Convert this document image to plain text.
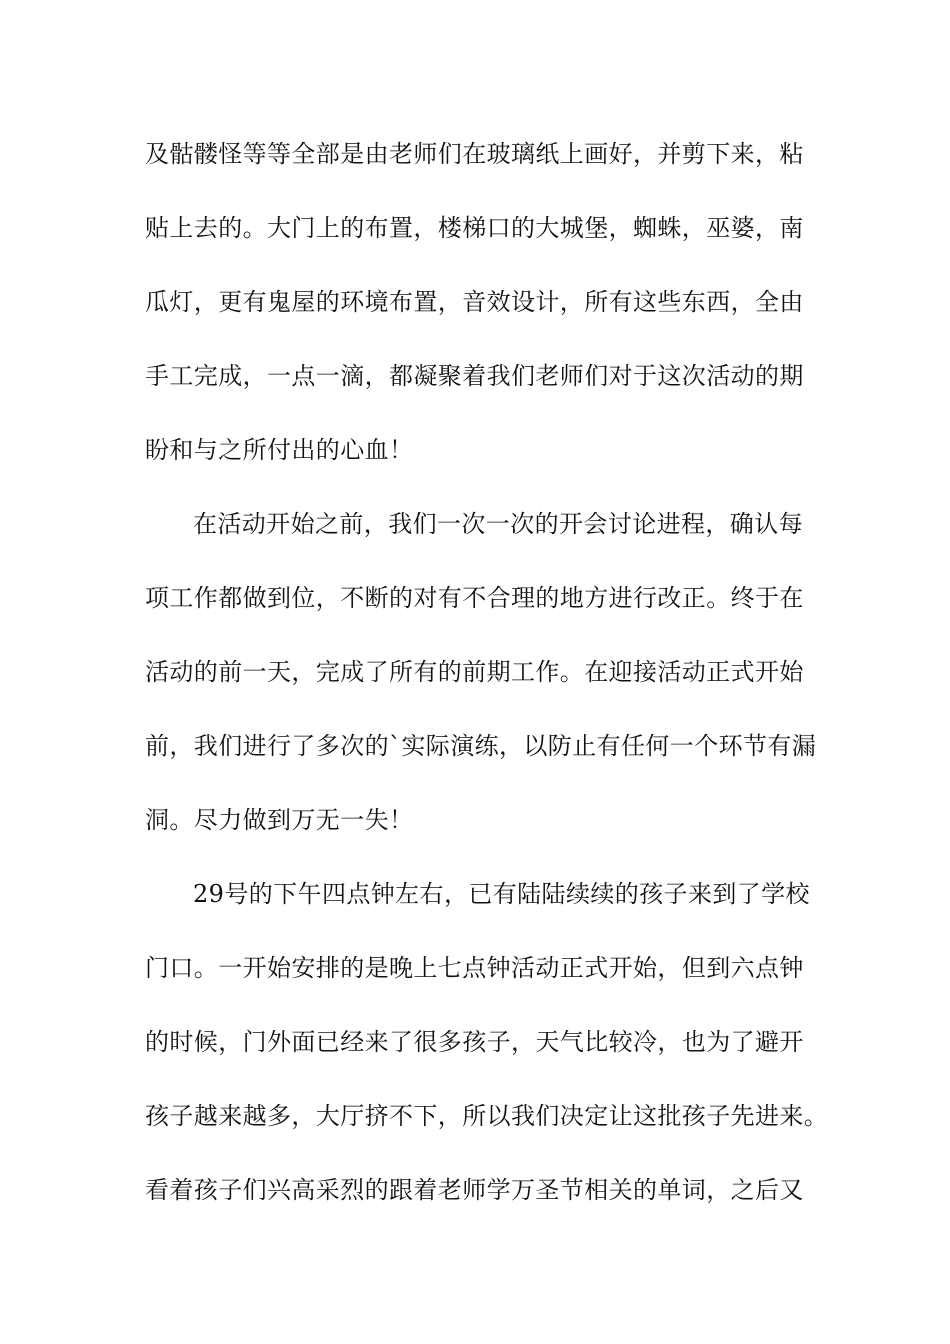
及骷髅怪等等全部是由老师们在玻璃纸上画好，并剪下来，粘
贴上去的。大门上的布置，楼梯口的大城堡，蜘蛛，巫婆，南
瓜灯，更有鬼屋的环境布置，音效设计，所有这些东西，全由
手工完成，一点一滴，都凝聚着我们老师们对于这次活动的期
盼和与之所付出的心血！
在活动开始之前，我们一次一次的开会讨论进程，确认每
项工作都做到位，不断的对有不合理的地方进行改正。终于在
活动的前一天，完成了所有的前期工作。在迎接活动正式开始
前，我们进行了多次的`实际演练，以防止有任何一个环节有漏
洞。尽力做到万无一失！
29号的下午四点钟左右，已有陆陆续续的孩子来到了学校
门口。一开始安排的是晚上七点钟活动正式开始，但到六点钟
的时候，门外面已经来了很多孩子，天气比较冷，也为了避开
孩子越来越多，大厅挤不下，所以我们决定让这批孩子先进来。
看着孩子们兴高采烈的跟着老师学万圣节相关的单词，之后又
